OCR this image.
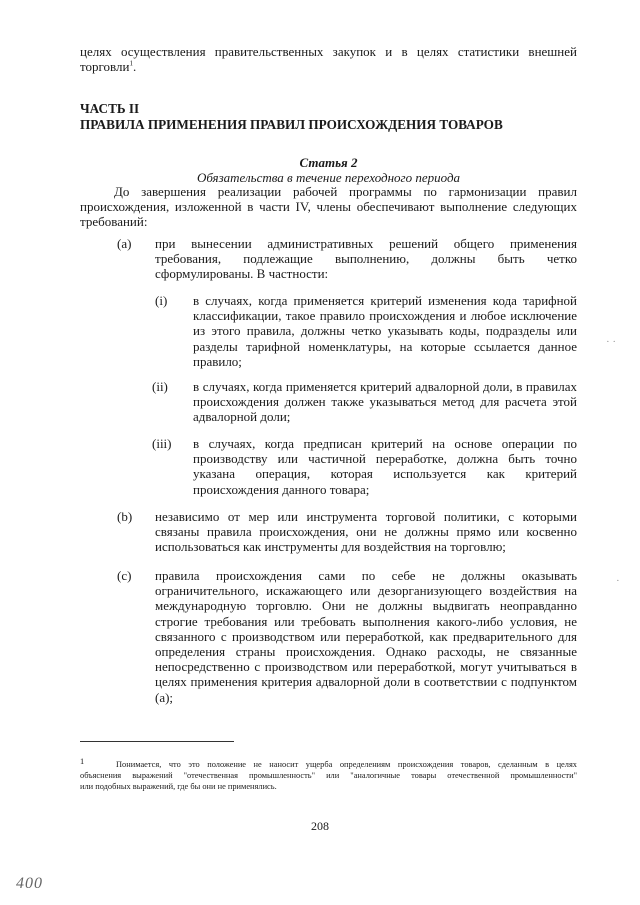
целях осуществления правительственных закупок и в целях статистики внешней
торговли$^1$.
ЧАСТЬ II
ПРАВИЛА ПРИМЕНЕНИЯ ПРАВИЛ ПРОИСХОЖДЕНИЯ ТОВАРОВ
Статья 2
Обязательства в течение переходного периода
До завершения реализации рабочей программы по гармонизации правил
происхождения, изложенной в части IV, члены обеспечивают выполнение следующих
требований:
(а) при вынесении административных решений общего применения
требования, подлежащие выполнению, должны быть четко
сформулированы. В частности:
(i) в случаях, когда применяется критерий изменения кода тарифной
классификации, такое правило происхождения и любое исключение
из этого правила, должны четко указывать коды, подразделы или
разделы тарифной номенклатуры, на которые ссылается данное
правило;
(ii) в случаях, когда применяется критерий адвалорной доли, в правилах
происхождения должен также указываться метод для расчета этой
адвалорной доли;
(iii) в случаях, когда предписан критерий на основе операции по
производству или частичной переработке, должна быть точно
указана операция, которая используется как критерий
происхождения данного товара;
(b) независимо от мер или инструмента торговой политики, с которыми
связаны правила происхождения, они не должны прямо или косвенно
использоваться как инструменты для воздействия на торговлю;
(с) правила происхождения сами по себе не должны оказывать
ограничительного, искажающего или дезорганизующего воздействия на
международную торговлю. Они не должны выдвигать неоправданно
строгие требования или требовать выполнения какого-либо условия, не
связанного с производством или переработкой, как предварительного для
определения страны происхождения. Однако расходы, не связанные
непосредственно с производством или переработкой, могут учитываться в
целях применения критерия адвалорной доли в соответствии с подпунктом
(a);
1	Понимается, что это положение не наносит ущерба определениям происхождения товаров, сделанным в целях
объяснения выражений "отечественная промышленность" или "аналогичные товары отечественной промышленности"
или подобных выражений, где бы они не применялись.
208
400
· ·
·
